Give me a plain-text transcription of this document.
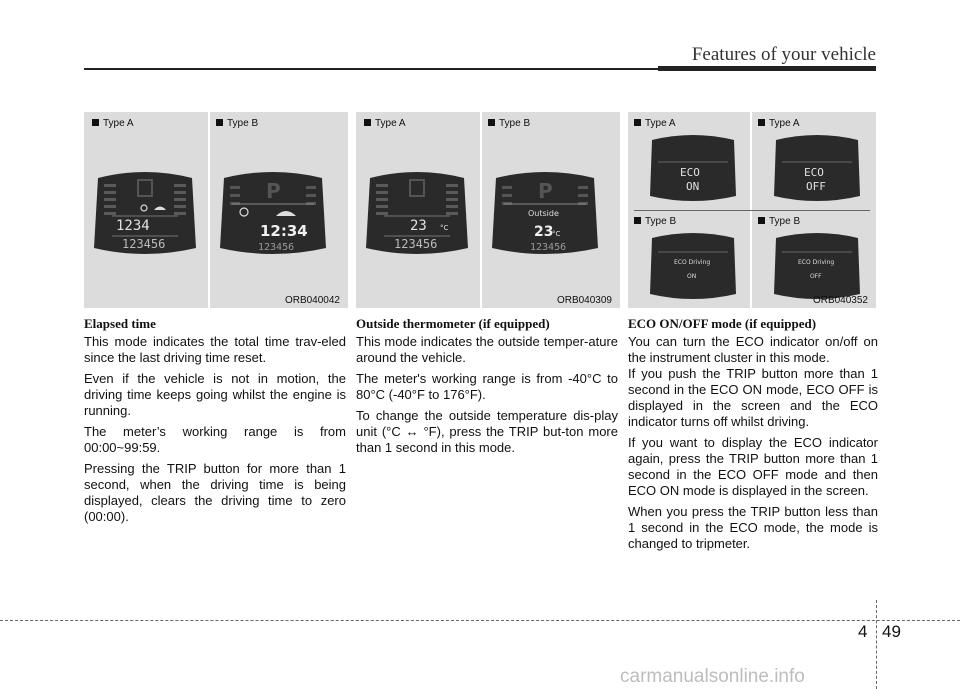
Features of your vehicle
Type A	Type B
1234
123456
P
12:34
123456
ORB040042
Type A	Type B
23 °C
123456
P
Outside
23
°C
123456
ORB040309
Type A	Type A
Type B	Type B
ECO
ON
ECO
OFF
ECO Driving
ON
ECO Driving
OFF
ORB040352
Elapsed time

This mode indicates the total time trav-eled since the last driving time reset.

Even if the vehicle is not in motion, the driving time keeps going whilst the engine is running.

The meter’s working range is from 00:00~99:59.

Pressing the TRIP button for more than 1 second, when the driving time is being displayed, clears the driving time to zero (00:00).

Outside thermometer (if equipped)

This mode indicates the outside temper-ature around the vehicle.

The meter's working range is from -40°C to 80°C (-40°F to 176°F).

To change the outside temperature dis-play unit (°C ↔ °F), press the TRIP but-ton more than 1 second in this mode.

ECO ON/OFF mode (if equipped)

You can turn the ECO indicator on/off on the instrument cluster in this mode.

If you push the TRIP button more than 1 second in the ECO ON mode, ECO OFF is displayed in the screen and the ECO indicator turns off whilst driving.

If you want to display the ECO indicator again, press the TRIP button more than 1 second in the ECO OFF mode and then ECO ON mode is displayed in the screen.

When you press the TRIP button less than 1 second in the ECO mode, the mode is changed to tripmeter.

4 49
carmanualsonline.info
